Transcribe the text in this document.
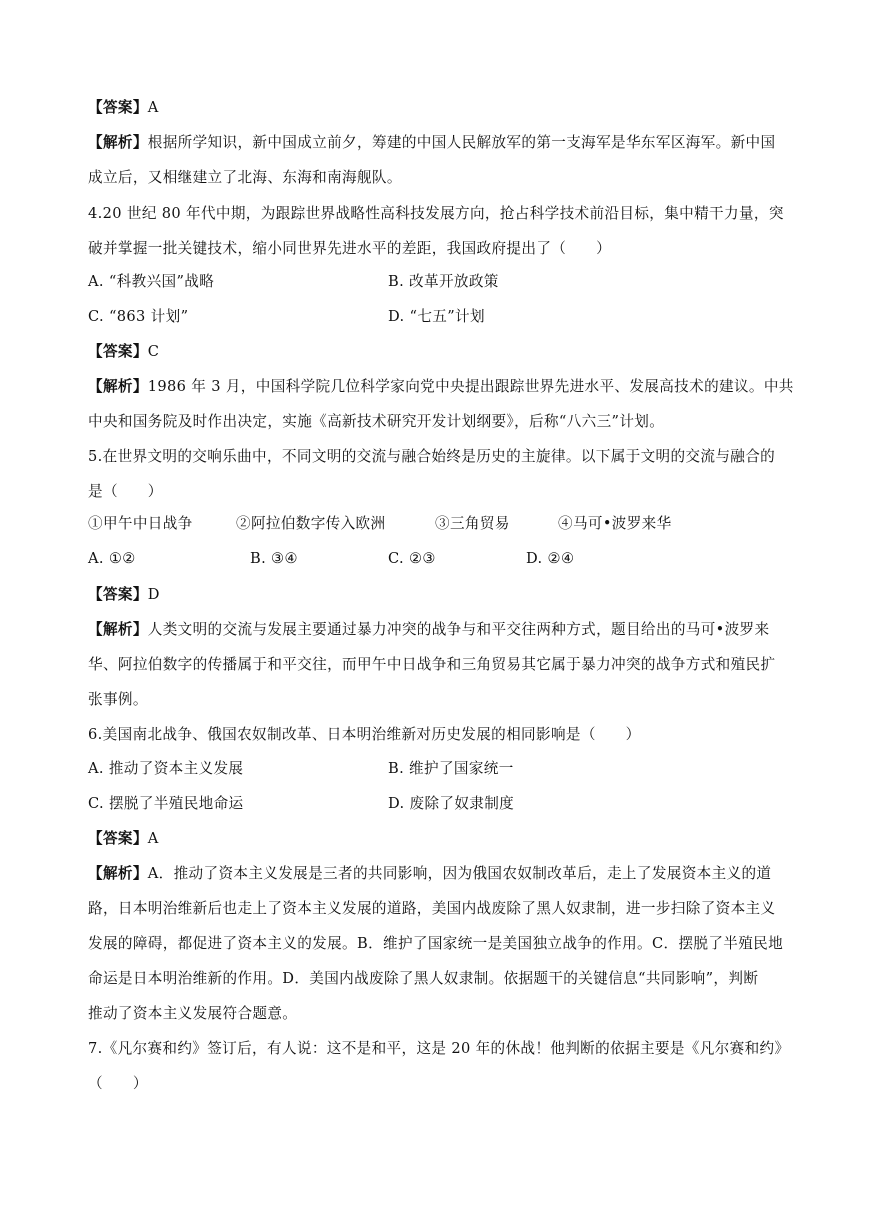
【答案】A
【解析】根据所学知识，新中国成立前夕，筹建的中国人民解放军的第一支海军是华东军区海军。新中国
成立后，又相继建立了北海、东海和南海舰队。
4.20 世纪 80 年代中期，为跟踪世界战略性高科技发展方向，抢占科学技术前沿目标，集中精干力量，突
破并掌握一批关键技术，缩小同世界先进水平的差距，我国政府提出了（　　）
A. “科教兴国”战略	B. 改革开放政策
C. “863 计划”	D. “七五”计划
【答案】C
【解析】1986 年 3 月，中国科学院几位科学家向党中央提出跟踪世界先进水平、发展高技术的建议。中共
中央和国务院及时作出决定，实施《高新技术研究开发计划纲要》，后称“八六三”计划。
5.在世界文明的交响乐曲中，不同文明的交流与融合始终是历史的主旋律。以下属于文明的交流与融合的
是（　　）
①甲午中日战争	②阿拉伯数字传入欧洲	③三角贸易	④马可•波罗来华
A. ①②	B. ③④	C. ②③	D. ②④
【答案】D
【解析】人类文明的交流与发展主要通过暴力冲突的战争与和平交往两种方式，题目给出的马可•波罗来
华、阿拉伯数字的传播属于和平交往，而甲午中日战争和三角贸易其它属于暴力冲突的战争方式和殖民扩
张事例。
6.美国南北战争、俄国农奴制改革、日本明治维新对历史发展的相同影响是（　　）
A. 推动了资本主义发展	B. 维护了国家统一
C. 摆脱了半殖民地命运	D. 废除了奴隶制度
【答案】A
【解析】A．推动了资本主义发展是三者的共同影响，因为俄国农奴制改革后，走上了发展资本主义的道
路，日本明治维新后也走上了资本主义发展的道路，美国内战废除了黑人奴隶制，进一步扫除了资本主义
发展的障碍，都促进了资本主义的发展。B．维护了国家统一是美国独立战争的作用。C．摆脱了半殖民地
命运是日本明治维新的作用。D．美国内战废除了黑人奴隶制。依据题干的关键信息“共同影响”，判断
推动了资本主义发展符合题意。
7.《凡尔赛和约》签订后，有人说：这不是和平，这是 20 年的休战！他判断的依据主要是《凡尔赛和约》
（　　）
